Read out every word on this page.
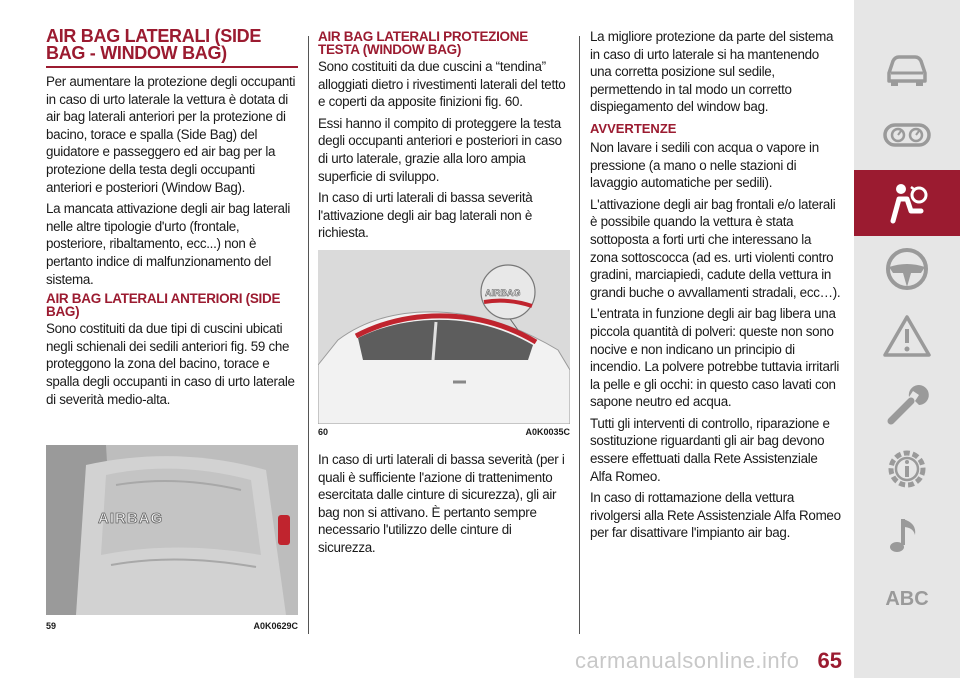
AIR BAG LATERALI (SIDE BAG - WINDOW BAG)

Per aumentare la protezione degli occupanti in caso di urto laterale la vettura è dotata di air bag laterali anteriori per la protezione di bacino, torace e spalla (Side Bag) del guidatore e passeggero ed air bag per la protezione della testa degli occupanti anteriori e posteriori (Window Bag).

La mancata attivazione degli air bag laterali nelle altre tipologie d'urto (frontale, posteriore, ribaltamento, ecc...) non è pertanto indice di malfunzionamento del sistema.

AIR BAG LATERALI ANTERIORI (SIDE BAG)

Sono costituiti da due tipi di cuscini ubicati negli schienali dei sedili anteriori fig. 59 che proteggono la zona del bacino, torace e spalla degli occupanti in caso di urto laterale di severità medio-alta.

AIRBAG
59	A0K0629C
AIR BAG LATERALI PROTEZIONE TESTA (WINDOW BAG)

Sono costituiti da due cuscini a “tendina” alloggiati dietro i rivestimenti laterali del tetto e coperti da apposite finizioni fig. 60.

Essi hanno il compito di proteggere la testa degli occupanti anteriori e posteriori in caso di urto laterale, grazie alla loro ampia superficie di sviluppo.

In caso di urti laterali di bassa severità l'attivazione degli air bag laterali non è richiesta.

AIRBAG
60	A0K0035C

In caso di urti laterali di bassa severità (per i quali è sufficiente l'azione di trattenimento esercitata dalle cinture di sicurezza), gli air bag non si attivano. È pertanto sempre necessario l'utilizzo delle cinture di sicurezza.

La migliore protezione da parte del sistema in caso di urto laterale si ha mantenendo una corretta posizione sul sedile, permettendo in tal modo un corretto dispiegamento del window bag.

AVVERTENZE

Non lavare i sedili con acqua o vapore in pressione (a mano o nelle stazioni di lavaggio automatiche per sedili).

L'attivazione degli air bag frontali e/o laterali è possibile quando la vettura è stata sottoposta a forti urti che interessano la zona sottoscocca (ad es. urti violenti contro gradini, marciapiedi, cadute della vettura in grandi buche o avvallamenti stradali, ecc…).

L'entrata in funzione degli air bag libera una piccola quantità di polveri: queste non sono nocive e non indicano un principio di incendio. La polvere potrebbe tuttavia irritarli la pelle e gli occhi: in questo caso lavati con sapone neutro ed acqua.

Tutti gli interventi di controllo, riparazione e sostituzione riguardanti gli air bag devono essere effettuati dalla Rete Assistenziale Alfa Romeo.

In caso di rottamazione della vettura rivolgersi alla Rete Assistenziale Alfa Romeo per far disattivare l'impianto air bag.

ABC
carmanualsonline.info 65
